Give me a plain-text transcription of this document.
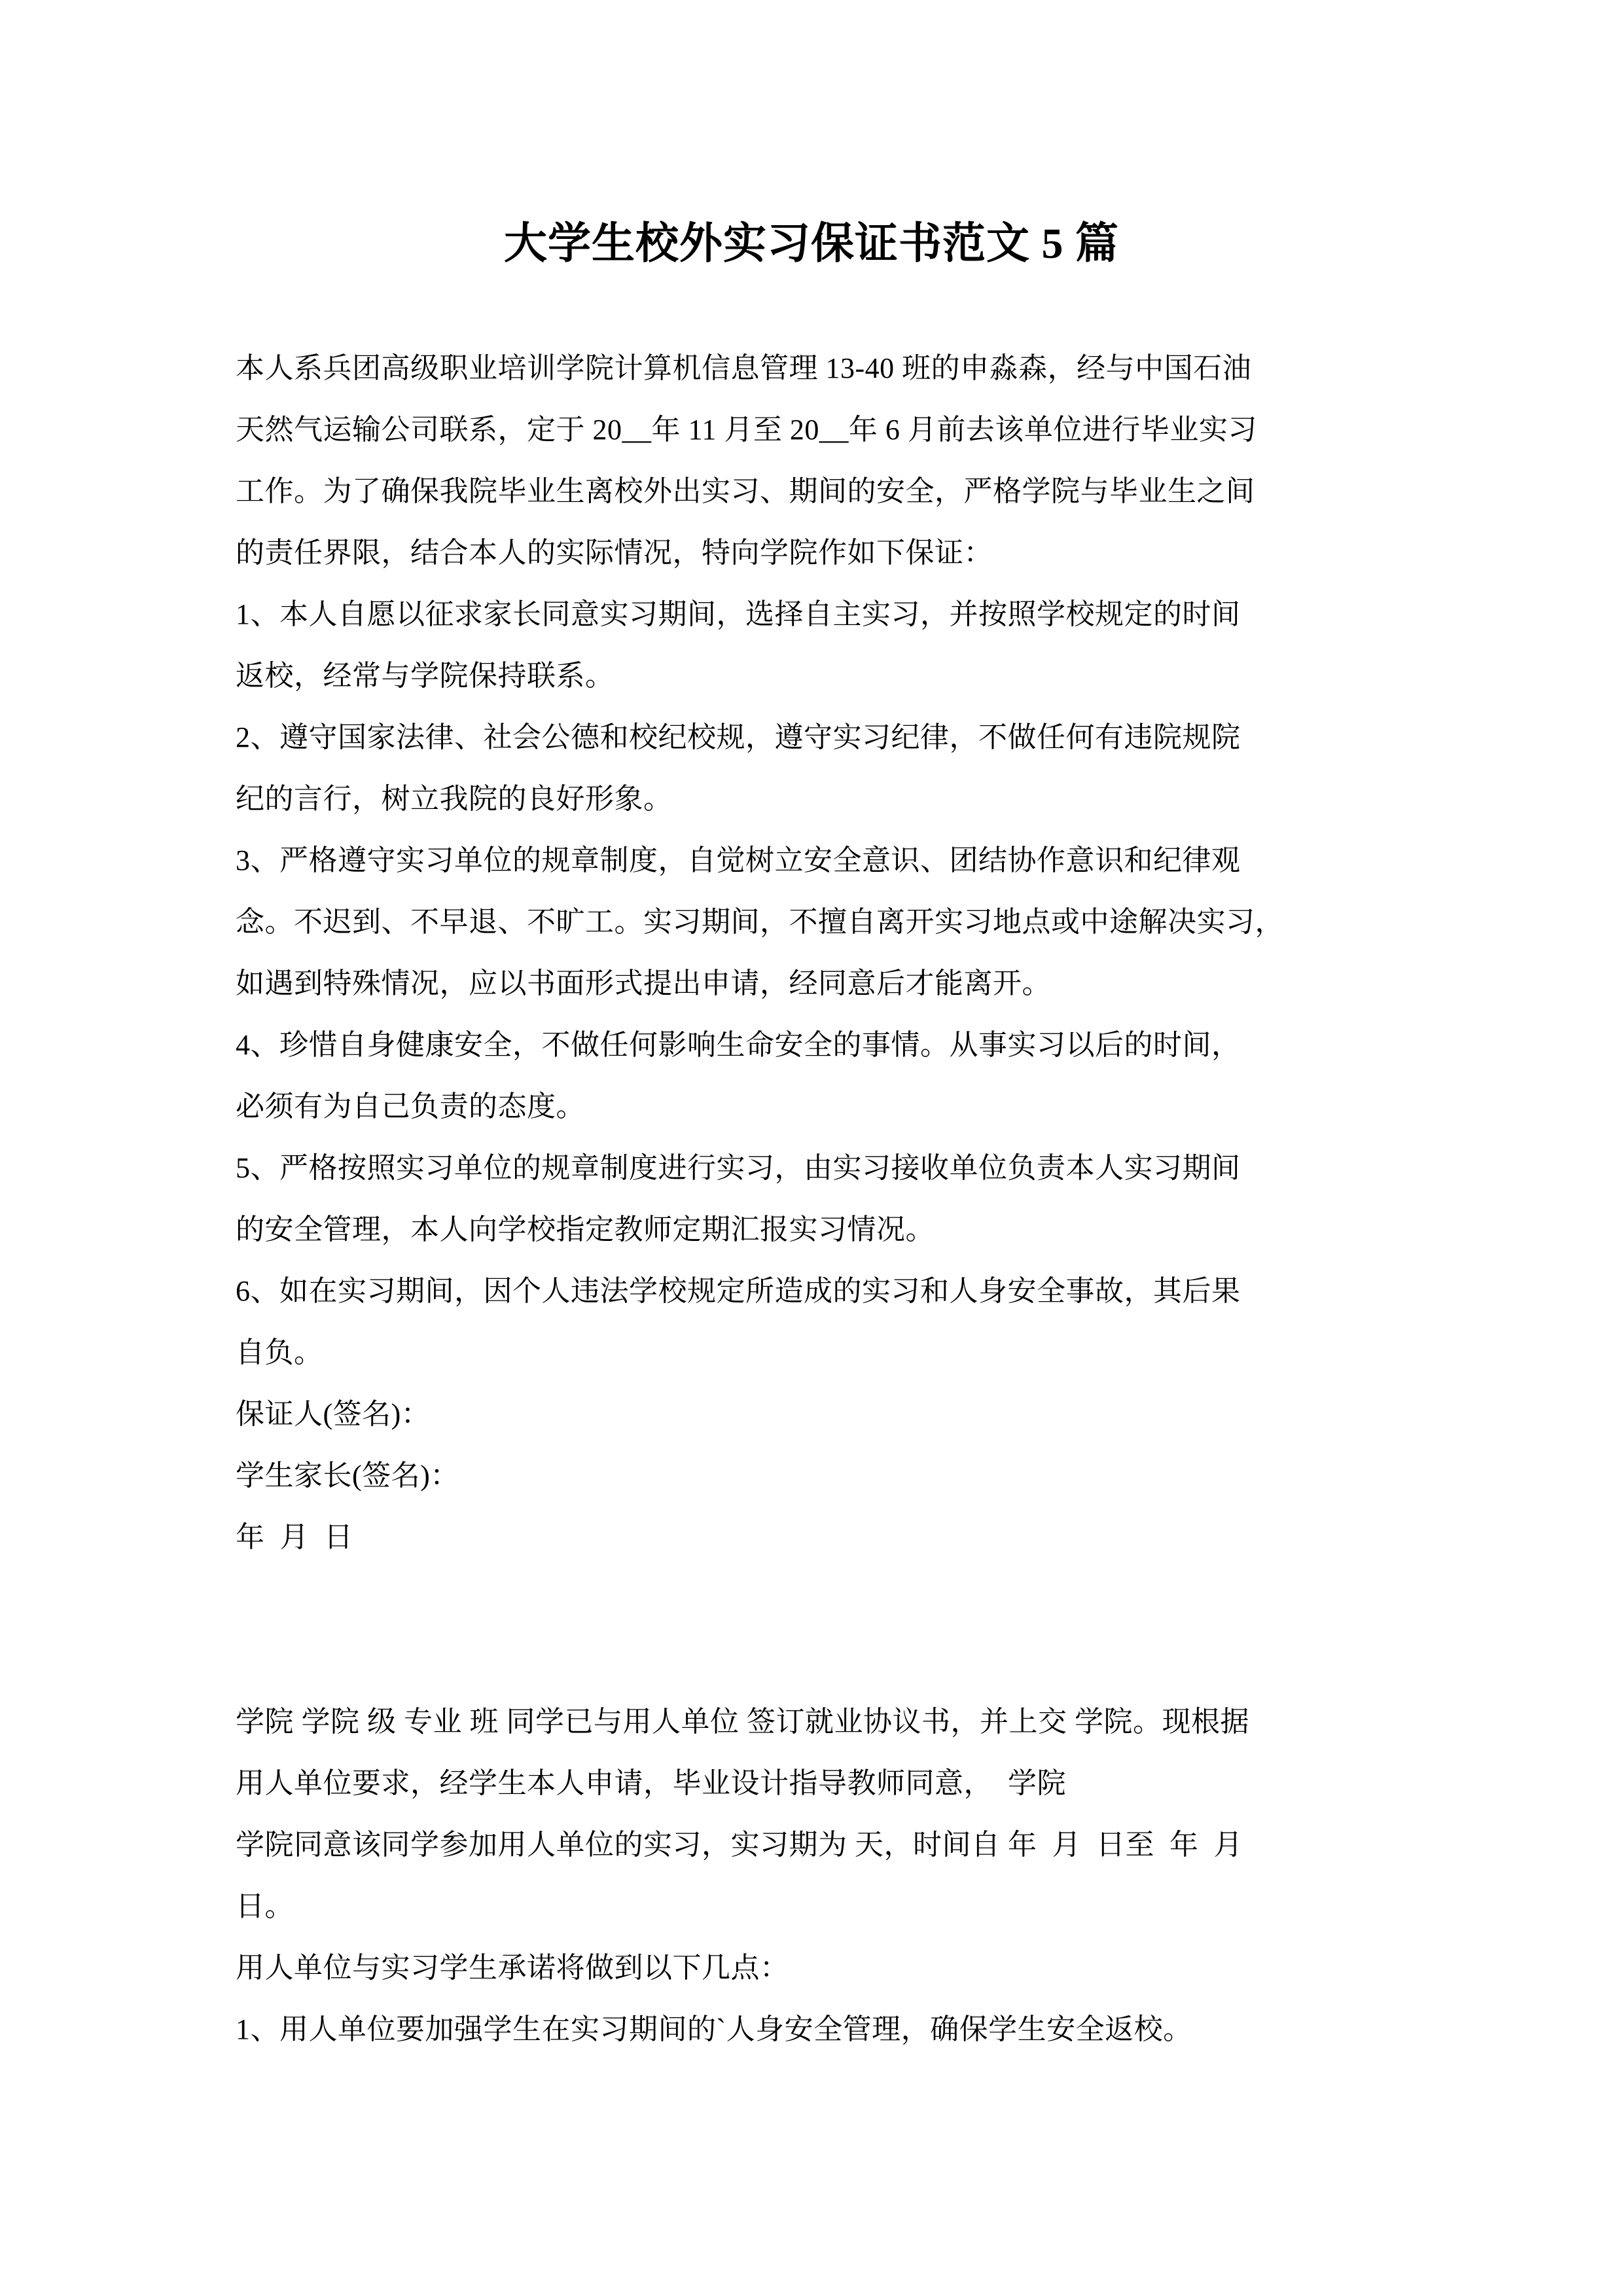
大学生校外实习保证书范文 5 篇
本人系兵团高级职业培训学院计算机信息管理 13-40 班的申淼森，经与中国石油
天然气运输公司联系，定于 20__年 11 月至 20__年 6 月前去该单位进行毕业实习
工作。为了确保我院毕业生离校外出实习、期间的安全，严格学院与毕业生之间
的责任界限，结合本人的实际情况，特向学院作如下保证：
1、本人自愿以征求家长同意实习期间，选择自主实习，并按照学校规定的时间
返校，经常与学院保持联系。
2、遵守国家法律、社会公德和校纪校规，遵守实习纪律，不做任何有违院规院
纪的言行，树立我院的良好形象。
3、严格遵守实习单位的规章制度，自觉树立安全意识、团结协作意识和纪律观
念。不迟到、不早退、不旷工。实习期间，不擅自离开实习地点或中途解决实习，
如遇到特殊情况，应以书面形式提出申请，经同意后才能离开。
4、珍惜自身健康安全，不做任何影响生命安全的事情。从事实习以后的时间，
必须有为自己负责的态度。
5、严格按照实习单位的规章制度进行实习，由实习接收单位负责本人实习期间
的安全管理，本人向学校指定教师定期汇报实习情况。
6、如在实习期间，因个人违法学校规定所造成的实习和人身安全事故，其后果
自负。
保证人(签名)：
学生家长(签名)：
年  月  日
学院 学院 级 专业 班 同学已与用人单位 签订就业协议书，并上交 学院。现根据
用人单位要求，经学生本人申请，毕业设计指导教师同意，  学院
学院同意该同学参加用人单位的实习，实习期为 天，时间自 年  月  日至  年  月
日。
用人单位与实习学生承诺将做到以下几点：
1、用人单位要加强学生在实习期间的`人身安全管理，确保学生安全返校。
